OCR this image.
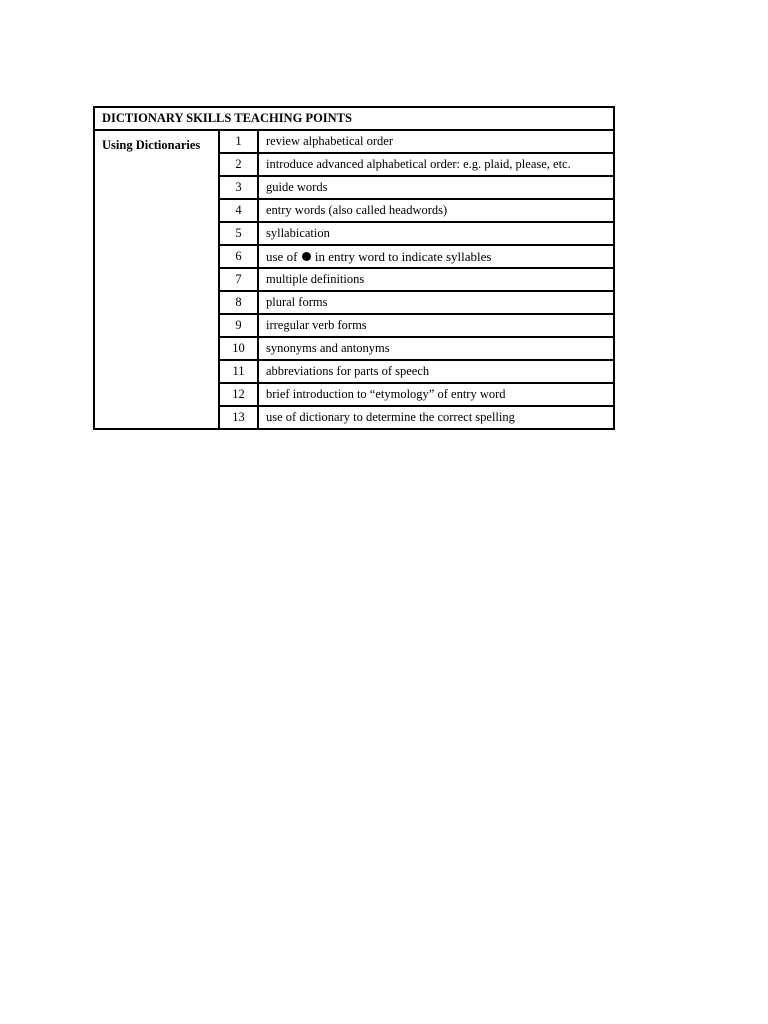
DICTIONARY SKILLS TEACHING POINTS		
Using Dictionaries	1	review alphabetical order
	2	introduce advanced alphabetical order: e.g. plaid, please, etc.
	3	guide words
	4	entry words (also called headwords)
	5	syllabication
	6	use of in entry word to indicate syllables
	7	multiple definitions
	8	plural forms
	9	irregular verb forms
	10	synonyms and antonyms
	11	abbreviations for parts of speech
	12	brief introduction to “etymology” of entry word
	13	use of dictionary to determine the correct spelling
